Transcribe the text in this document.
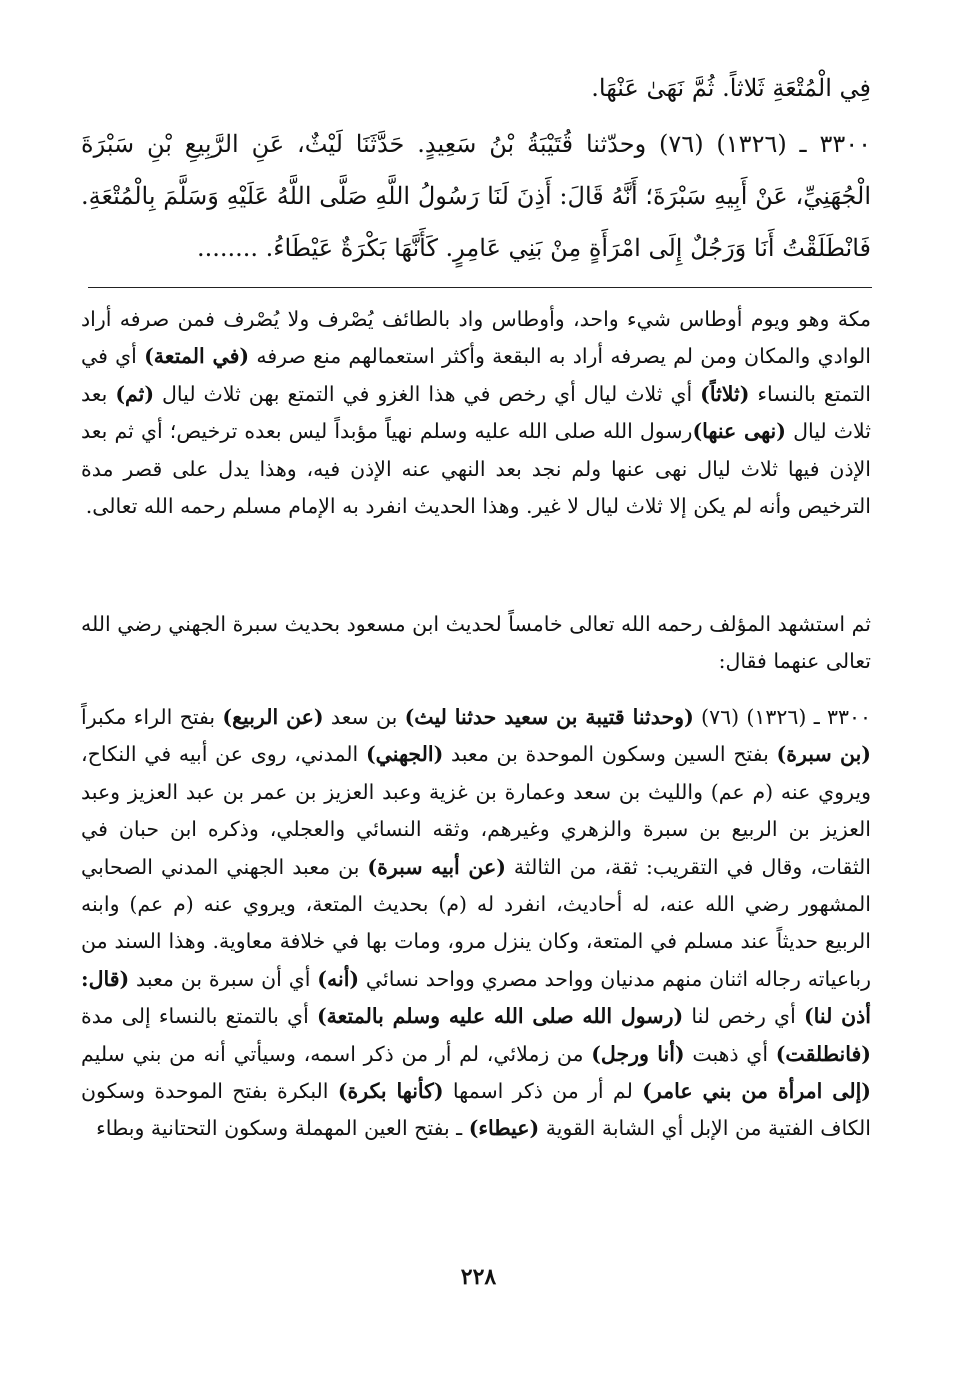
فِي الْمُتْعَةِ ثَلاثاً. ثُمَّ نَهَىٰ عَنْهَا.

٣٣٠٠ ـ (١٣٢٦) (٧٦) وحدّثنا قُتَيْبَةُ بْنُ سَعِيدٍ. حَدَّثَنَا لَيْثٌ، عَنِ الرَّبِيعِ بْنِ سَبْرَةَ الْجُهَنِيِّ، عَنْ أَبِيهِ سَبْرَةَ؛ أَنَّهُ قَالَ: أَذِنَ لَنَا رَسُولُ اللَّهِ صَلَّى اللَّهُ عَلَيْهِ وَسَلَّمَ بِالْمُتْعَةِ. فَانْطَلَقْتُ أَنَا وَرَجُلٌ إِلَى امْرَأَةٍ مِنْ بَنِي عَامِرٍ. كَأَنَّهَا بَكْرَةٌ عَيْطَاءُ. ........

مكة وهو ويوم أوطاس شيء واحد، وأوطاس واد بالطائف يُصْرف ولا يُصْرف فمن صرفه أراد الوادي والمكان ومن لم يصرفه أراد به البقعة وأكثر استعمالهم منع صرفه (في المتعة) أي في التمتع بالنساء (ثلاثاً) أي ثلاث ليال أي رخص في هذا الغزو في التمتع بهن ثلاث ليال (ثم) بعد ثلاث ليال (نهى عنها)رسول الله صلى الله عليه وسلم نهياً مؤبداً ليس بعده ترخيص؛ أي ثم بعد الإذن فيها ثلاث ليال نهى عنها ولم نجد بعد النهي عنه الإذن فيه، وهذا يدل على قصر مدة الترخيص وأنه لم يكن إلا ثلاث ليال لا غير. وهذا الحديث انفرد به الإمام مسلم رحمه الله تعالى.

ثم استشهد المؤلف رحمه الله تعالى خامساً لحديث ابن مسعود بحديث سبرة الجهني رضي الله تعالى عنهما فقال:

٣٣٠٠ ـ (١٣٢٦) (٧٦) (وحدثنا قتيبة بن سعيد حدثنا ليث) بن سعد (عن الربيع) بفتح الراء مكبراً (بن سبرة) بفتح السين وسكون الموحدة بن معبد (الجهني) المدني، روى عن أبيه في النكاح، ويروي عنه (م عم) والليث بن سعد وعمارة بن غزية وعبد العزيز بن عمر بن عبد العزيز وعبد العزيز بن الربيع بن سبرة والزهري وغيرهم، وثقه النسائي والعجلي، وذكره ابن حبان في الثقات، وقال في التقريب: ثقة، من الثالثة (عن أبيه سبرة) بن معبد الجهني المدني الصحابي المشهور رضي الله عنه، له أحاديث، انفرد له (م) بحديث المتعة، ويروي عنه (م عم) وابنه الربيع حديثاً عند مسلم في المتعة، وكان ينزل مرو، ومات بها في خلافة معاوية. وهذا السند من رباعياته رجاله اثنان منهم مدنيان وواحد مصري وواحد نسائي (أنه) أي أن سبرة بن معبد (قال: أذن لنا) أي رخص لنا (رسول الله صلى الله عليه وسلم بالمتعة) أي بالتمتع بالنساء إلى مدة (فانطلقت) أي ذهبت (أنا ورجل) من زملائي، لم أر من ذكر اسمه، وسيأتي أنه من بني سليم (إلى امرأة من بني عامر) لم أر من ذكر اسمها (كأنها بكرة) البكرة بفتح الموحدة وسكون الكاف الفتية من الإبل أي الشابة القوية (عيطاء) ـ بفتح العين المهملة وسكون التحتانية وبطاء

٢٢٨
